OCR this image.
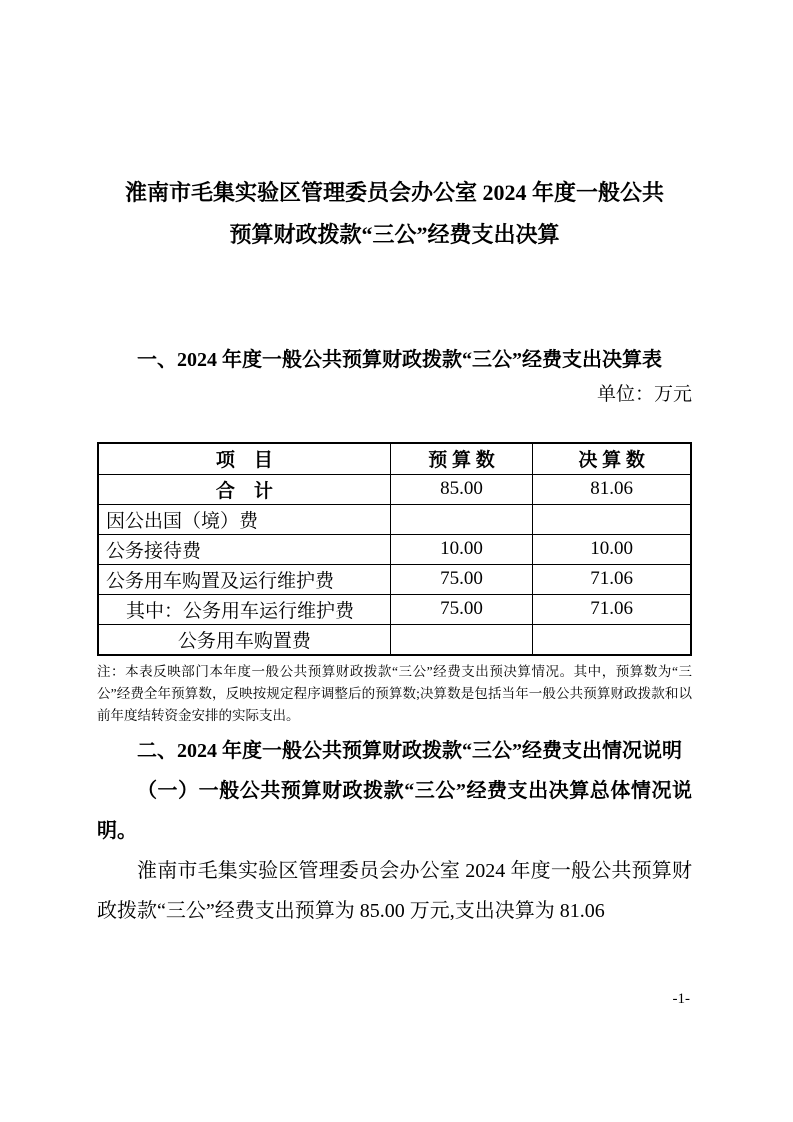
淮南市毛集实验区管理委员会办公室 2024 年度一般公共
预算财政拨款“三公”经费支出决算

一、2024 年度一般公共预算财政拨款“三公”经费支出决算表

单位：万元
项　目	预 算 数	决 算 数
合　计	85.00	81.06
因公出国（境）费		
公务接待费	10.00	10.00
公务用车购置及运行维护费	75.00	71.06
其中：公务用车运行维护费	75.00	71.06
公务用车购置费		

注：本表反映部门本年度一般公共预算财政拨款“三公”经费支出预决算情况。其中，预算数为“三公”经费全年预算数，反映按规定程序调整后的预算数;决算数是包括当年一般公共预算财政拨款和以前年度结转资金安排的实际支出。

二、2024 年度一般公共预算财政拨款“三公”经费支出情况说明

（一）一般公共预算财政拨款“三公”经费支出决算总体情况说明。

淮南市毛集实验区管理委员会办公室 2024 年度一般公共预算财政拨款“三公”经费支出预算为 85.00 万元,支出决算为 81.06

-1-
